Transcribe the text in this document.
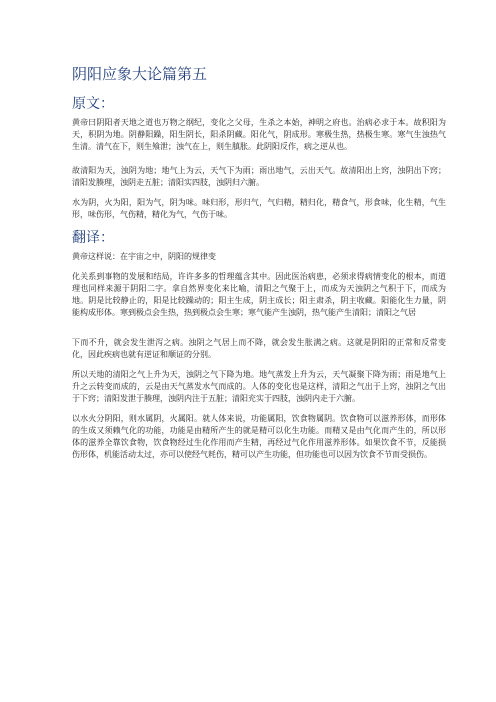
阴阳应象大论篇第五
原文：

黄帝曰阴阳者天地之道也万物之纲纪，变化之父母，生杀之本始，神明之府也。治病必求于本。故积阳为天，积阴为地。阴静阳躁，阳生阴长，阳杀阴藏。阳化气，阴成形。寒极生热，热极生寒。寒气生浊热气生清。清气在下，则生飧泄；浊气在上，则生䐜胀。此阴阳反作，病之逆从也。

故清阳为天，浊阴为地；地气上为云，天气下为雨；雨出地气，云出天气。故清阳出上窍，浊阴出下窍；清阳发腠理，浊阴走五脏；清阳实四肢，浊阴归六腑。

水为阴，火为阳，阳为气，阴为味。味归形，形归气，气归精，精归化，精食气，形食味，化生精，气生形，味伤形，气伤精，精化为气，气伤于味。

翻译：

黄帝这样说：在宇宙之中，阴阳的规律变

化关系到事物的发展和结局，许许多多的哲理蕴含其中。因此医治病患，必须求得病情变化的根本，而道理也同样来源于阴阳二字。拿自然界变化来比喻，清阳之气聚于上，而成为天浊阴之气积于下，而成为地。阴是比较静止的，阳是比较躁动的；阳主生成，阴主成长；阳主肃杀，阴主收藏。阳能化生力量，阴能构成形体。寒到极点会生热，热到极点会生寒；寒气能产生浊阴，热气能产生清阳；清阳之气居

下而不升，就会发生泄泻之病。浊阴之气居上而不降，就会发生胀满之病。这就是阴阳的正常和反常变化，因此疾病也就有逆证和顺证的分别。

所以天地的清阳之气上升为天，浊阴之气下降为地。地气蒸发上升为云，天气凝聚下降为雨；雨是地气上升之云转变而成的，云是由天气蒸发水气而成的。人体的变化也是这样，清阳之气出于上窍，浊阴之气出于下窍；清阳发泄于腠理，浊阴内注于五脏；清阳充实于四肢，浊阴内走于六腑。

以水火分阴阳，则水属阴，火属阳。就人体来说，功能属阳，饮食物属阴。饮食物可以滋养形体，而形体的生成又须赖气化的功能，功能是由精所产生的就是精可以化生功能。而精又是由气化而产生的，所以形体的滋养全靠饮食物，饮食物经过生化作用而产生精，再经过气化作用滋养形体。如果饮食不节，反能损伤形体，机能活动太过，亦可以使经气耗伤，精可以产生功能，但功能也可以因为饮食不节而受损伤。
